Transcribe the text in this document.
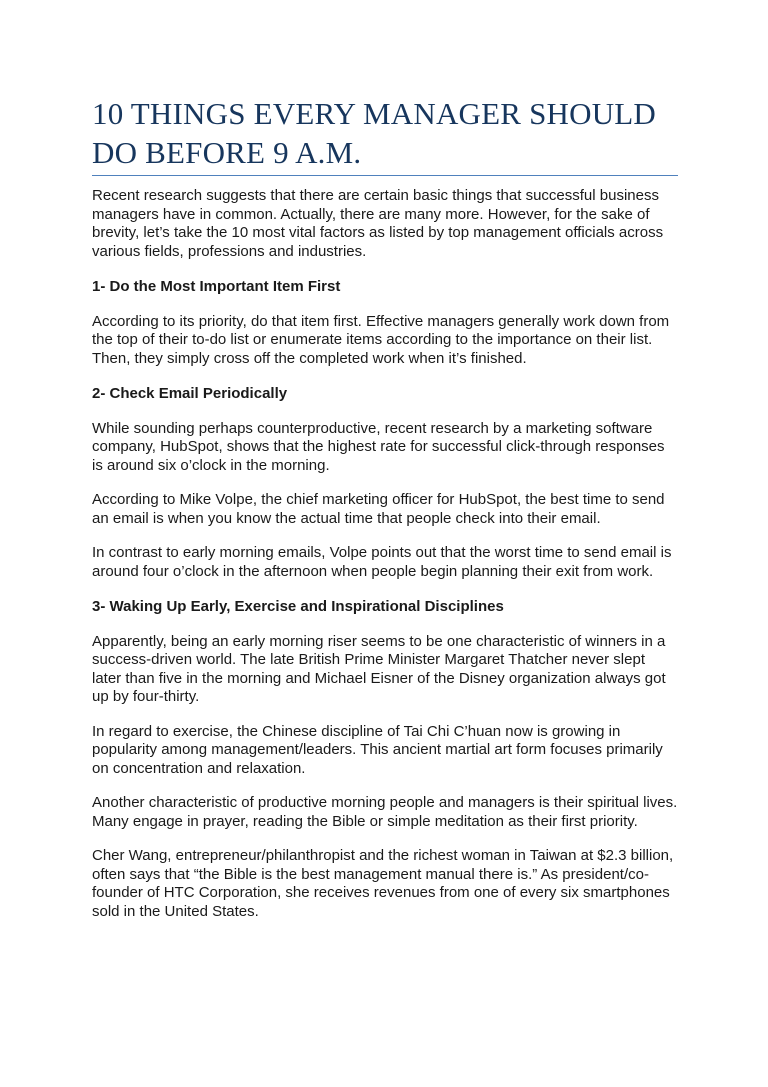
10 THINGS EVERY MANAGER SHOULD DO BEFORE 9 A.M.

Recent research suggests that there are certain basic things that successful business managers have in common. Actually, there are many more. However, for the sake of brevity, let’s take the 10 most vital factors as listed by top management officials across various fields, professions and industries.

1- Do the Most Important Item First

According to its priority, do that item first. Effective managers generally work down from the top of their to-do list or enumerate items according to the importance on their list. Then, they simply cross off the completed work when it’s finished.

2- Check Email Periodically

While sounding perhaps counterproductive, recent research by a marketing software company, HubSpot, shows that the highest rate for successful click-through responses is around six o’clock in the morning.

According to Mike Volpe, the chief marketing officer for HubSpot, the best time to send an email is when you know the actual time that people check into their email.

In contrast to early morning emails, Volpe points out that the worst time to send email is around four o’clock in the afternoon when people begin planning their exit from work.

3- Waking Up Early, Exercise and Inspirational Disciplines

Apparently, being an early morning riser seems to be one characteristic of winners in a success-driven world. The late British Prime Minister Margaret Thatcher never slept later than five in the morning and Michael Eisner of the Disney organization always got up by four-thirty.

In regard to exercise, the Chinese discipline of Tai Chi C’huan now is growing in popularity among management/leaders. This ancient martial art form focuses primarily on concentration and relaxation.

Another characteristic of productive morning people and managers is their spiritual lives. Many engage in prayer, reading the Bible or simple meditation as their first priority.

Cher Wang, entrepreneur/philanthropist and the richest woman in Taiwan at $2.3 billion, often says that “the Bible is the best management manual there is.” As president/co-founder of HTC Corporation, she receives revenues from one of every six smartphones sold in the United States.
